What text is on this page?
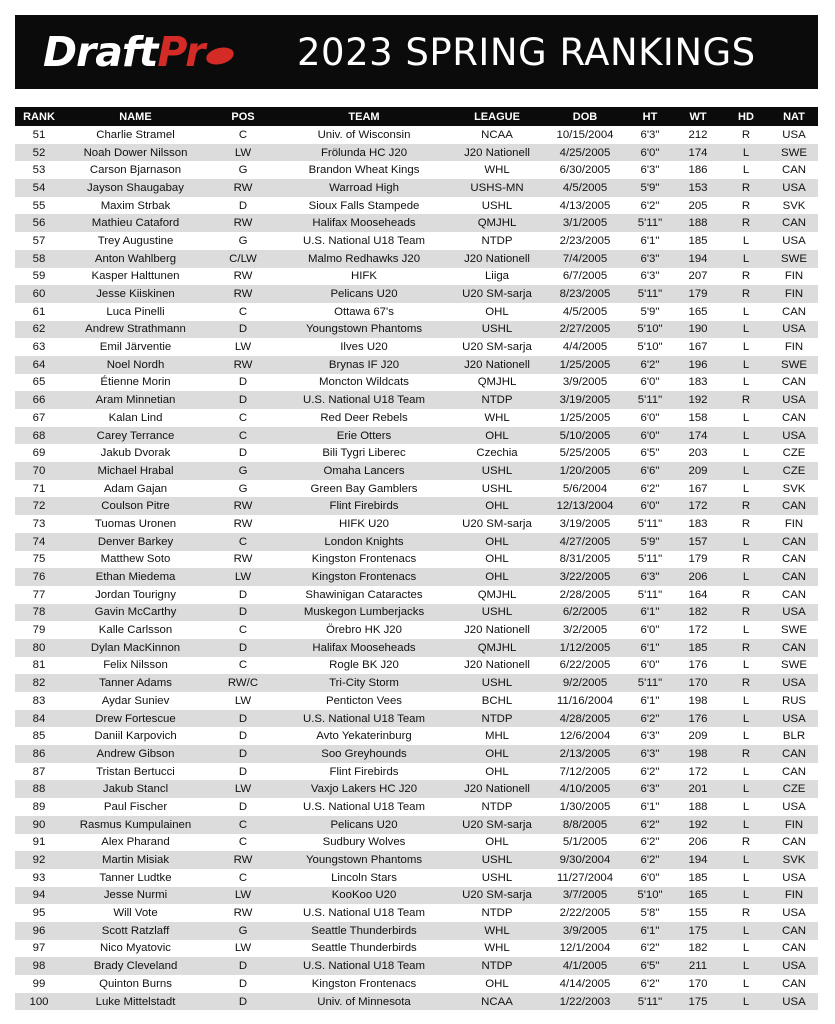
Draft Pr	2023 SPRING RANKINGS
RANK	NAME	POS	TEAM	LEAGUE	DOB	HT	WT	HD	NAT
51	Charlie Stramel	C	Univ. of Wisconsin	NCAA	10/15/2004	6'3"	212	R	USA
52	Noah Dower Nilsson	LW	Frölunda HC J20	J20 Nationell	4/25/2005	6'0"	174	L	SWE
53	Carson Bjarnason	G	Brandon Wheat Kings	WHL	6/30/2005	6'3"	186	L	CAN
54	Jayson Shaugabay	RW	Warroad High	USHS-MN	4/5/2005	5'9"	153	R	USA
55	Maxim Strbak	D	Sioux Falls Stampede	USHL	4/13/2005	6'2"	205	R	SVK
56	Mathieu Cataford	RW	Halifax Mooseheads	QMJHL	3/1/2005	5'11"	188	R	CAN
57	Trey Augustine	G	U.S. National U18 Team	NTDP	2/23/2005	6'1"	185	L	USA
58	Anton Wahlberg	C/LW	Malmo Redhawks J20	J20 Nationell	7/4/2005	6'3"	194	L	SWE
59	Kasper Halttunen	RW	HIFK	Liiga	6/7/2005	6'3"	207	R	FIN
60	Jesse Kiiskinen	RW	Pelicans U20	U20 SM-sarja	8/23/2005	5'11"	179	R	FIN
61	Luca Pinelli	C	Ottawa 67's	OHL	4/5/2005	5'9"	165	L	CAN
62	Andrew Strathmann	D	Youngstown Phantoms	USHL	2/27/2005	5'10"	190	L	USA
63	Emil Järventie	LW	Ilves U20	U20 SM-sarja	4/4/2005	5'10"	167	L	FIN
64	Noel Nordh	RW	Brynas IF J20	J20 Nationell	1/25/2005	6'2"	196	L	SWE
65	Étienne Morin	D	Moncton Wildcats	QMJHL	3/9/2005	6'0"	183	L	CAN
66	Aram Minnetian	D	U.S. National U18 Team	NTDP	3/19/2005	5'11"	192	R	USA
67	Kalan Lind	C	Red Deer Rebels	WHL	1/25/2005	6'0"	158	L	CAN
68	Carey Terrance	C	Erie Otters	OHL	5/10/2005	6'0"	174	L	USA
69	Jakub Dvorak	D	Bili Tygri Liberec	Czechia	5/25/2005	6'5"	203	L	CZE
70	Michael Hrabal	G	Omaha Lancers	USHL	1/20/2005	6'6"	209	L	CZE
71	Adam Gajan	G	Green Bay Gamblers	USHL	5/6/2004	6'2"	167	L	SVK
72	Coulson Pitre	RW	Flint Firebirds	OHL	12/13/2004	6'0"	172	R	CAN
73	Tuomas Uronen	RW	HIFK U20	U20 SM-sarja	3/19/2005	5'11"	183	R	FIN
74	Denver Barkey	C	London Knights	OHL	4/27/2005	5'9"	157	L	CAN
75	Matthew Soto	RW	Kingston Frontenacs	OHL	8/31/2005	5'11"	179	R	CAN
76	Ethan Miedema	LW	Kingston Frontenacs	OHL	3/22/2005	6'3"	206	L	CAN
77	Jordan Tourigny	D	Shawinigan Cataractes	QMJHL	2/28/2005	5'11"	164	R	CAN
78	Gavin McCarthy	D	Muskegon Lumberjacks	USHL	6/2/2005	6'1"	182	R	USA
79	Kalle Carlsson	C	Örebro HK J20	J20 Nationell	3/2/2005	6'0"	172	L	SWE
80	Dylan MacKinnon	D	Halifax Mooseheads	QMJHL	1/12/2005	6'1"	185	R	CAN
81	Felix Nilsson	C	Rogle BK J20	J20 Nationell	6/22/2005	6'0"	176	L	SWE
82	Tanner Adams	RW/C	Tri-City Storm	USHL	9/2/2005	5'11"	170	R	USA
83	Aydar Suniev	LW	Penticton Vees	BCHL	11/16/2004	6'1"	198	L	RUS
84	Drew Fortescue	D	U.S. National U18 Team	NTDP	4/28/2005	6'2"	176	L	USA
85	Daniil Karpovich	D	Avto Yekaterinburg	MHL	12/6/2004	6'3"	209	L	BLR
86	Andrew Gibson	D	Soo Greyhounds	OHL	2/13/2005	6'3"	198	R	CAN
87	Tristan Bertucci	D	Flint Firebirds	OHL	7/12/2005	6'2"	172	L	CAN
88	Jakub Stancl	LW	Vaxjo Lakers HC J20	J20 Nationell	4/10/2005	6'3"	201	L	CZE
89	Paul Fischer	D	U.S. National U18 Team	NTDP	1/30/2005	6'1"	188	L	USA
90	Rasmus Kumpulainen	C	Pelicans U20	U20 SM-sarja	8/8/2005	6'2"	192	L	FIN
91	Alex Pharand	C	Sudbury Wolves	OHL	5/1/2005	6'2"	206	R	CAN
92	Martin Misiak	RW	Youngstown Phantoms	USHL	9/30/2004	6'2"	194	L	SVK
93	Tanner Ludtke	C	Lincoln Stars	USHL	11/27/2004	6'0"	185	L	USA
94	Jesse Nurmi	LW	KooKoo U20	U20 SM-sarja	3/7/2005	5'10"	165	L	FIN
95	Will Vote	RW	U.S. National U18 Team	NTDP	2/22/2005	5'8"	155	R	USA
96	Scott Ratzlaff	G	Seattle Thunderbirds	WHL	3/9/2005	6'1"	175	L	CAN
97	Nico Myatovic	LW	Seattle Thunderbirds	WHL	12/1/2004	6'2"	182	L	CAN
98	Brady Cleveland	D	U.S. National U18 Team	NTDP	4/1/2005	6'5"	211	L	USA
99	Quinton Burns	D	Kingston Frontenacs	OHL	4/14/2005	6'2"	170	L	CAN
100	Luke Mittelstadt	D	Univ. of Minnesota	NCAA	1/22/2003	5'11"	175	L	USA
